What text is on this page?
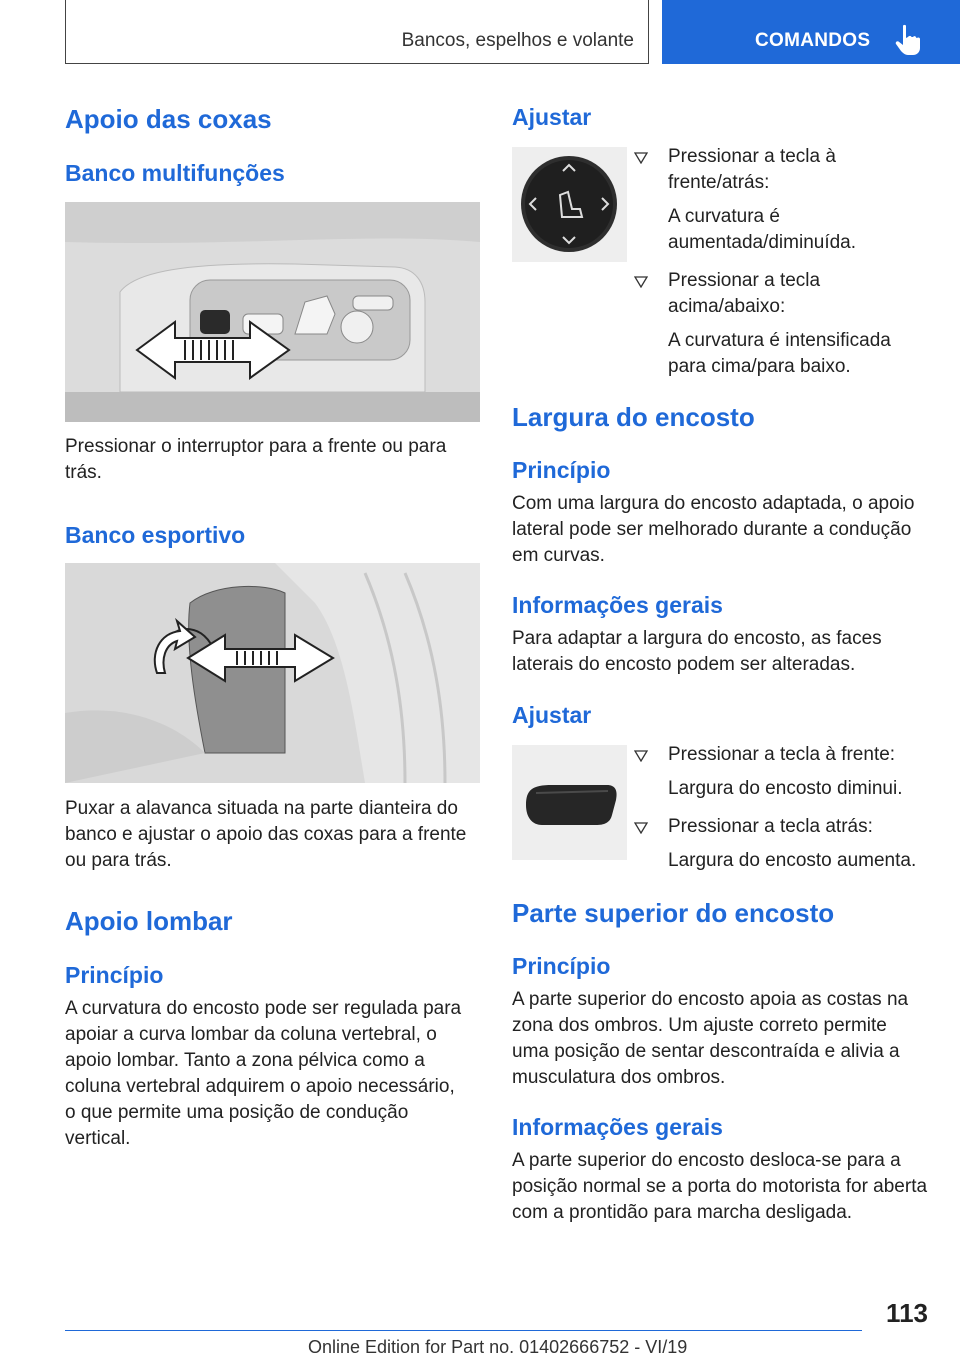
Bancos, espelhos e volante	COMANDOS
Apoio das coxas
Banco multifunções

Pressionar o interruptor para a frente ou para trás.

Banco esportivo

Puxar a alavanca situada na parte dianteira do banco e ajustar o apoio das coxas para a frente ou para trás.

Apoio lombar
Princípio

A curvatura do encosto pode ser regulada para apoiar a curva lombar da coluna vertebral, o apoio lombar. Tanto a zona pélvica como a coluna vertebral adquirem o apoio necessário, o que permite uma posição de condução vertical.

Ajustar
Pressionar a tecla à frente/atrás:
A curvatura é aumentada/diminuída.
Pressionar a tecla acima/abaixo:
A curvatura é intensificada para cima/para baixo.
Largura do encosto
Princípio

Com uma largura do encosto adaptada, o apoio lateral pode ser melhorado durante a condução em curvas.

Informações gerais

Para adaptar a largura do encosto, as faces laterais do encosto podem ser alteradas.

Ajustar
Pressionar a tecla à frente:
Largura do encosto diminui.
Pressionar a tecla atrás:
Largura do encosto aumenta.
Parte superior do encosto
Princípio

A parte superior do encosto apoia as costas na zona dos ombros. Um ajuste correto permite uma posição de sentar descontraída e alivia a musculatura dos ombros.

Informações gerais

A parte superior do encosto desloca-se para a posição normal se a porta do motorista for aberta com a prontidão para marcha desligada.

113
Online Edition for Part no. 01402666752 - VI/19
